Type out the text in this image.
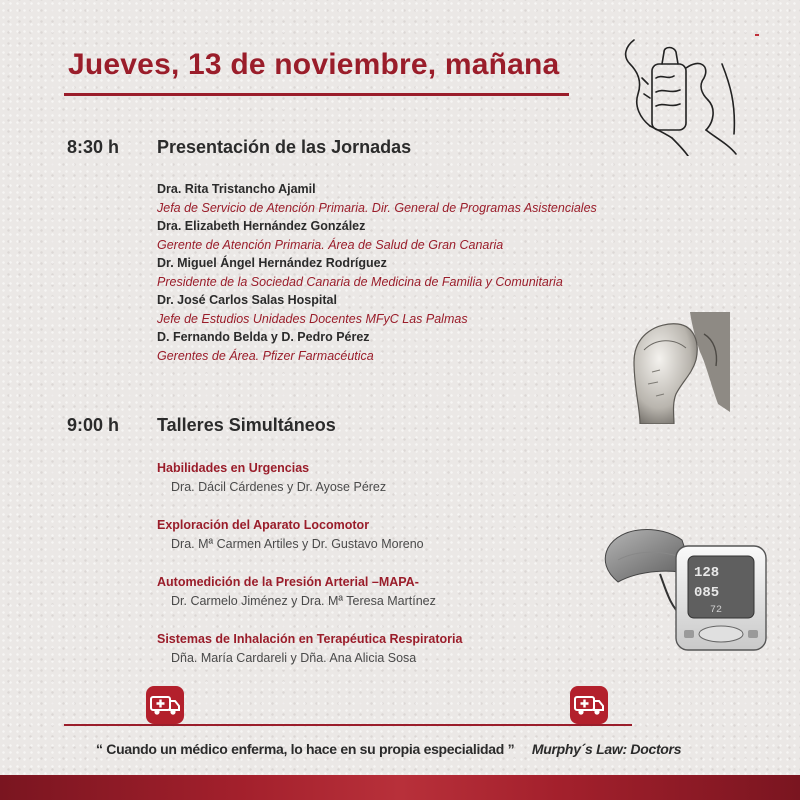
Jueves, 13 de noviembre, mañana
8:30 h Presentación de las Jornadas
Dra. Rita Tristancho Ajamil
Jefa de Servicio de Atención Primaria. Dir. General de Programas Asistenciales
Dra. Elizabeth Hernández González
Gerente de Atención Primaria. Área de Salud de Gran Canaria
Dr. Miguel Ángel Hernández Rodríguez
Presidente de la Sociedad Canaria de Medicina de Familia y Comunitaria
Dr. José Carlos Salas Hospital
Jefe de Estudios Unidades Docentes MFyC Las Palmas
D. Fernando Belda y D. Pedro Pérez
Gerentes de Área. Pfizer Farmacéutica
9:00 h Talleres Simultáneos
Habilidades en Urgencias
Dra. Dácil Cárdenes y Dr. Ayose Pérez
Exploración del Aparato Locomotor
Dra. Mª Carmen Artiles y Dr. Gustavo Moreno
Automedición de la Presión Arterial –MAPA-
Dr. Carmelo Jiménez y Dra. Mª Teresa Martínez
Sistemas de Inhalación en Terapéutica Respiratoria
Dña. María Cardareli y Dña. Ana Alicia Sosa
128
085
72
“ Cuando un médico enferma, lo hace en su propia especialidad ” Murphy´s Law: Doctors
